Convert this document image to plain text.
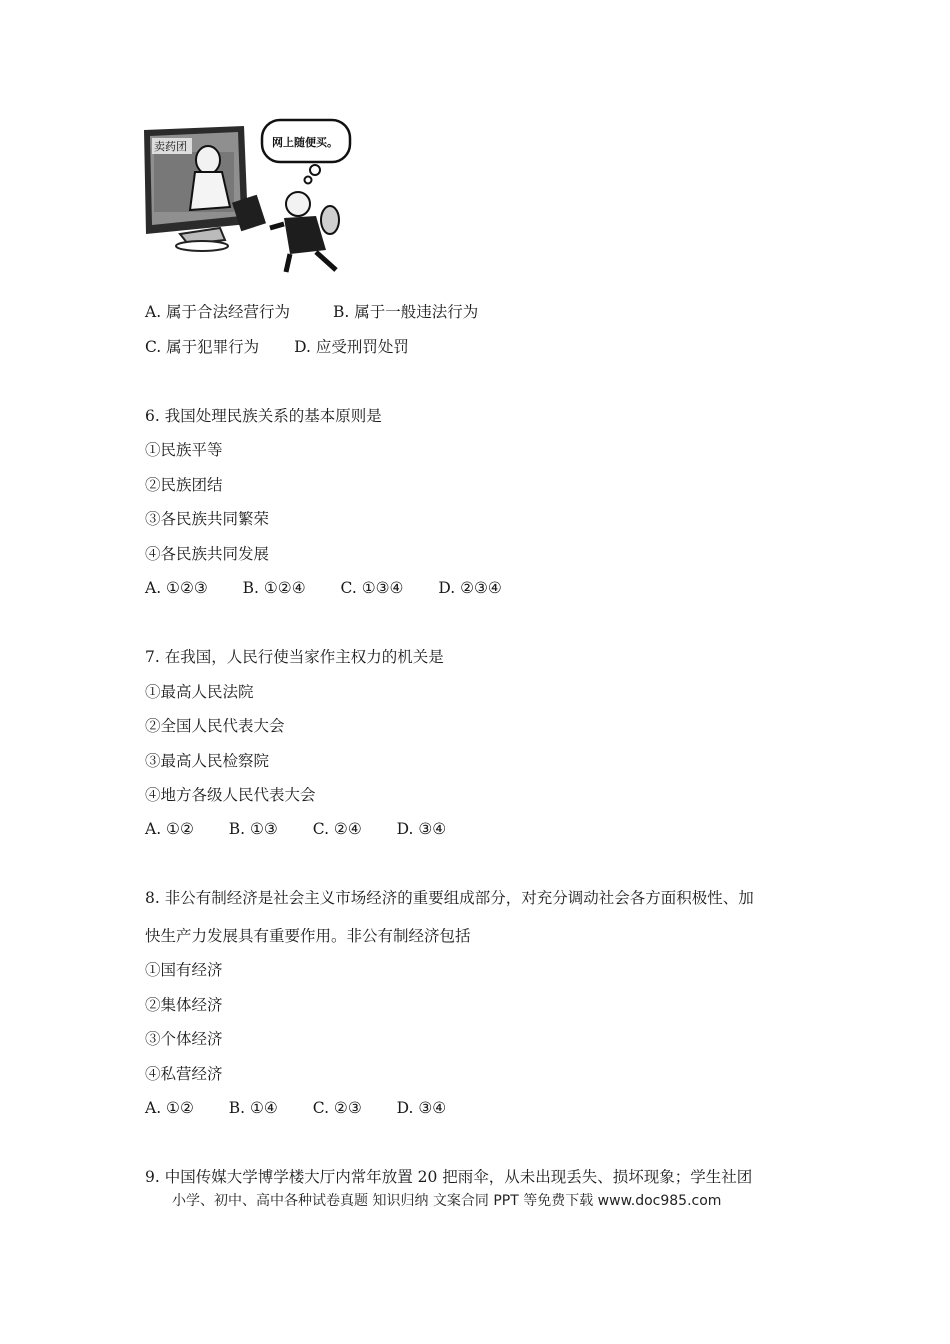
卖药团	网上随便买。
A. 属于合法经营行为	B. 属于一般违法行为
C. 属于犯罪行为 D. 应受刑罚处罚
6. 我国处理民族关系的基本原则是
①民族平等
②民族团结
③各民族共同繁荣
④各民族共同发展
A. ①②③ B. ①②④ C. ①③④ D. ②③④
7. 在我国，人民行使当家作主权力的机关是
①最高人民法院
②全国人民代表大会
③最高人民检察院
④地方各级人民代表大会
A. ①② B. ①③ C. ②④ D. ③④
8. 非公有制经济是社会主义市场经济的重要组成部分，对充分调动社会各方面积极性、加
快生产力发展具有重要作用。非公有制经济包括
①国有经济
②集体经济
③个体经济
④私营经济
A. ①② B. ①④ C. ②③ D. ③④
9. 中国传媒大学博学楼大厅内常年放置 20 把雨伞，从未出现丢失、损坏现象；学生社团
小学、初中、高中各种试卷真题 知识归纳 文案合同 PPT 等免费下载 www.doc985.com
